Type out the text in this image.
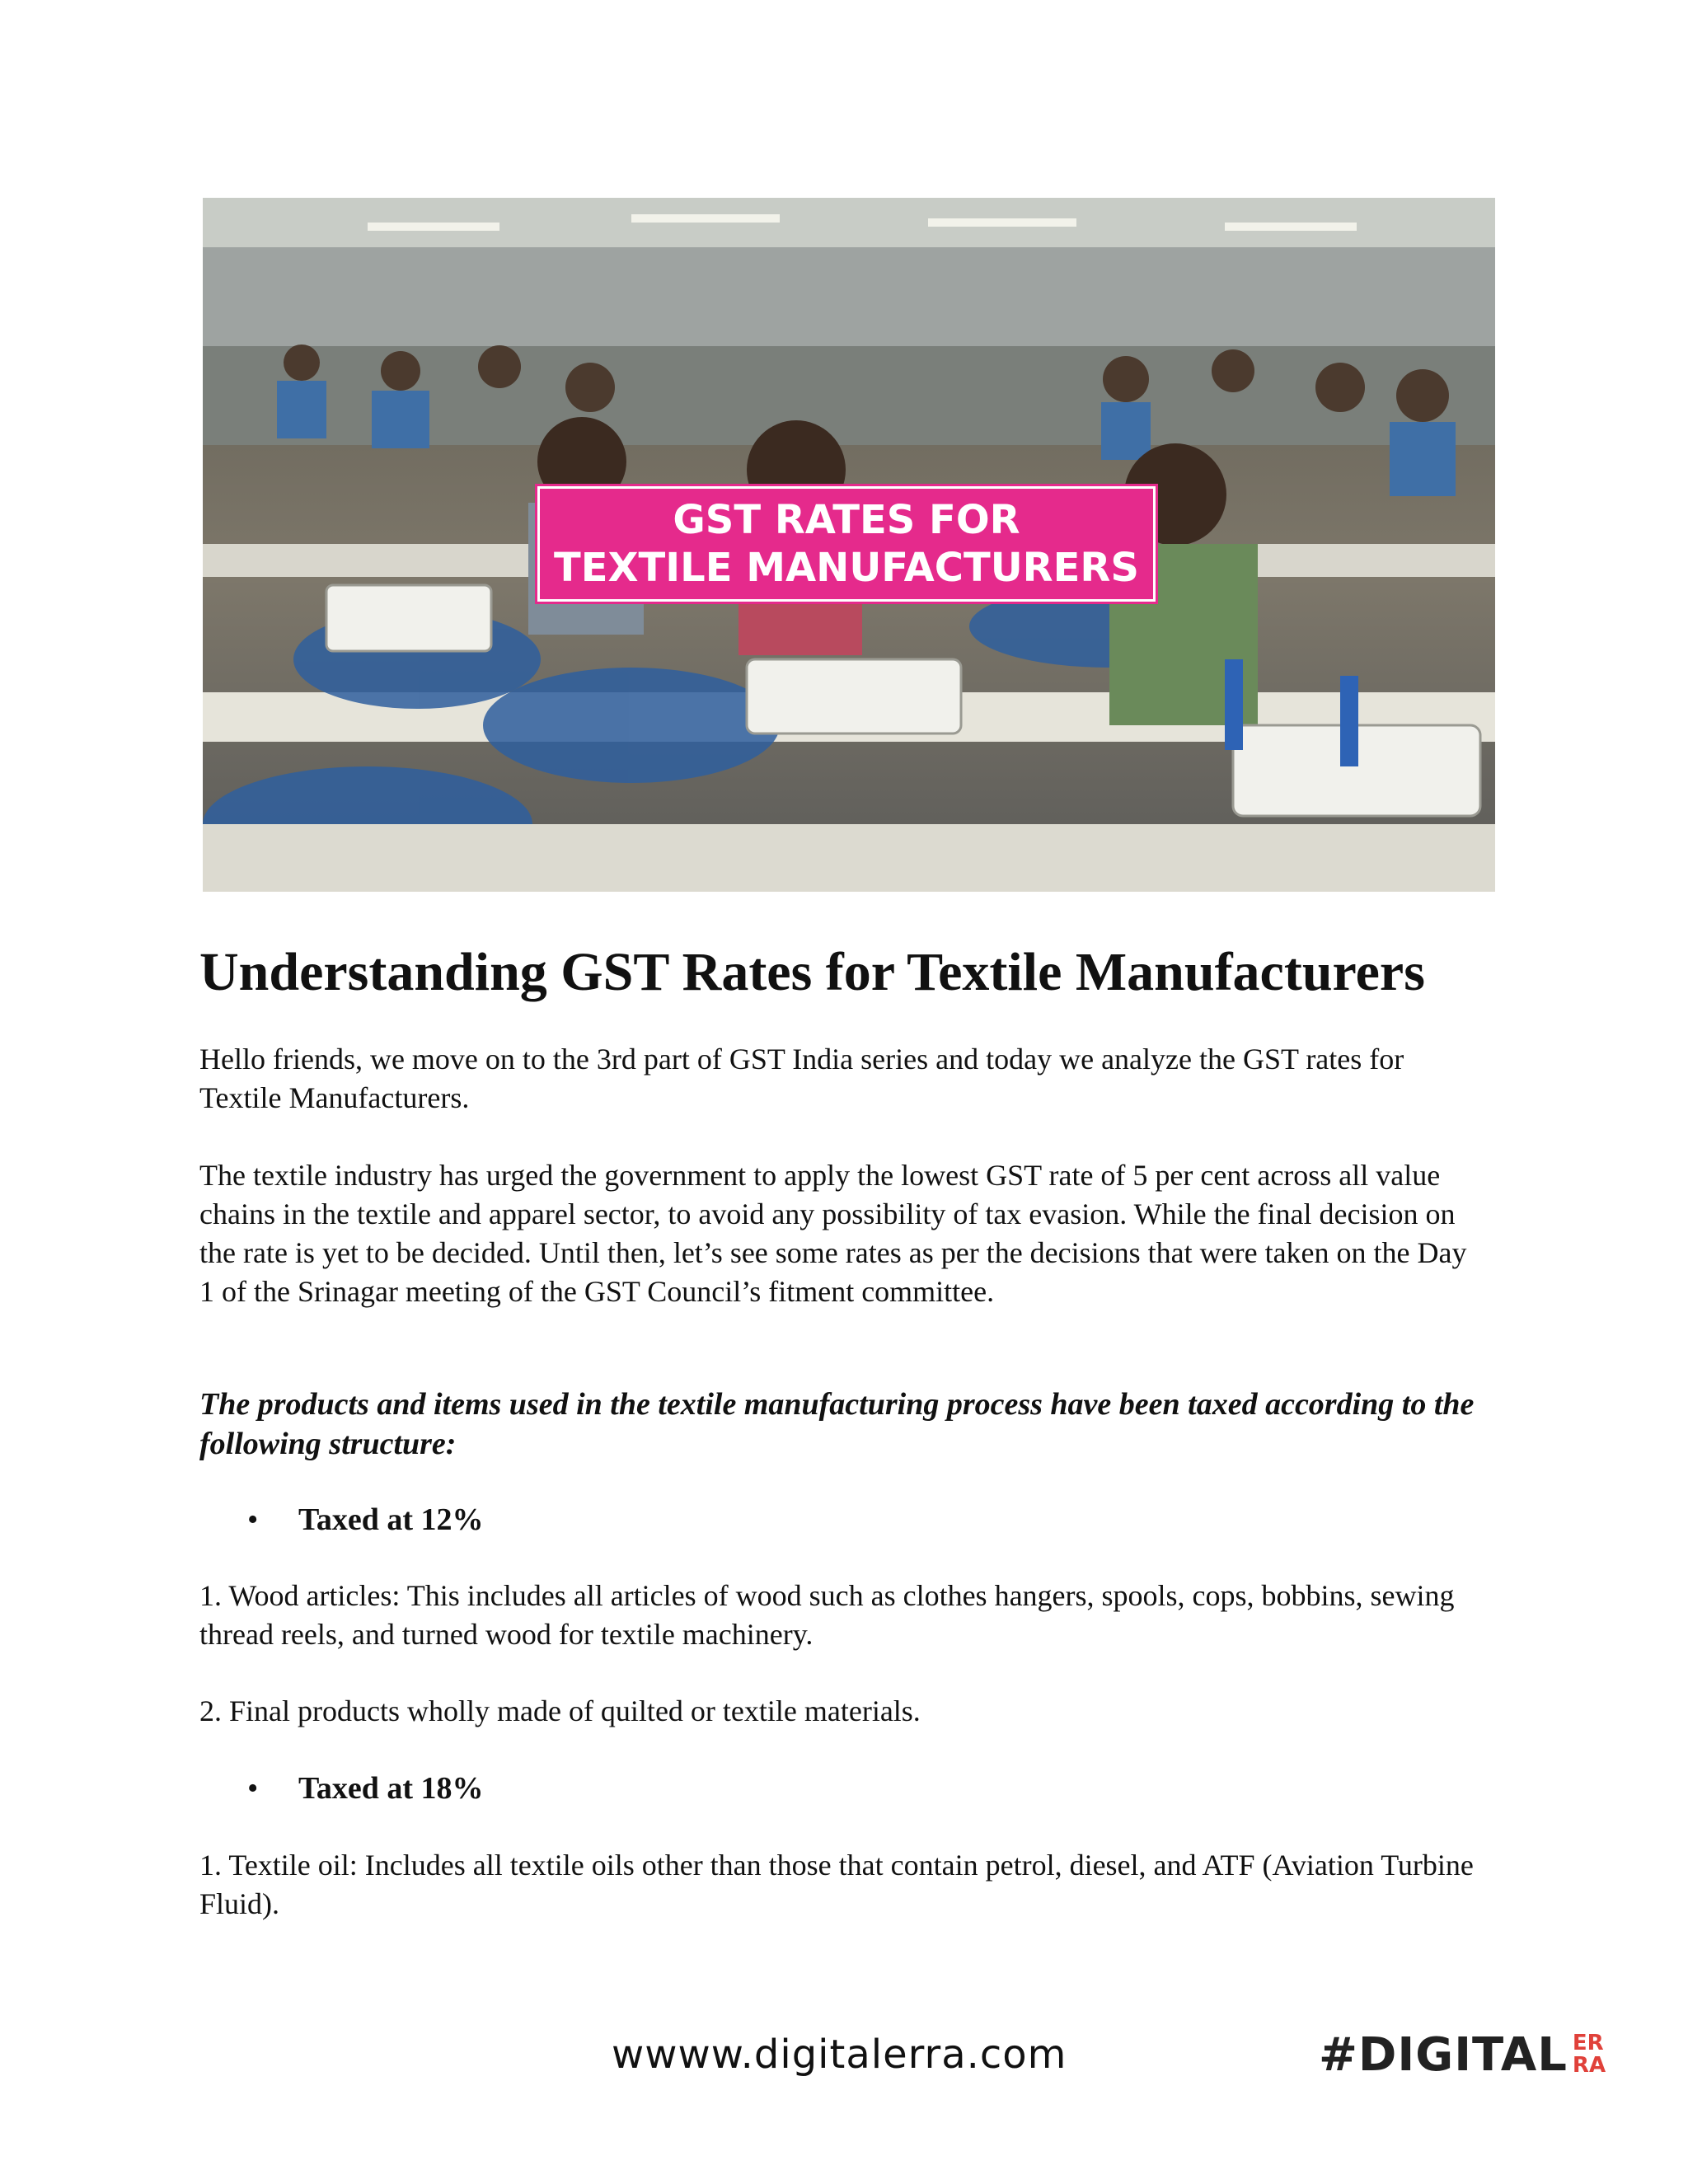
GST RATES FOR
TEXTILE MANUFACTURERS
Understanding GST Rates for Textile Manufacturers

Hello friends, we move on to the 3rd part of GST India series and today we analyze the GST rates for Textile Manufacturers.

The textile industry has urged the government to apply the lowest GST rate of 5 per cent across all value chains in the textile and apparel sector, to avoid any possibility of tax evasion. While the final decision on the rate is yet to be decided. Until then, let’s see some rates as per the decisions that were taken on the Day 1 of the Srinagar meeting of the GST Council’s fitment committee.

The products and items used in the textile manufacturing process have been taxed according to the following structure:

• Taxed at 12%

1. Wood articles: This includes all articles of wood such as clothes hangers, spools, cops, bobbins, sewing thread reels, and turned wood for textile machinery.

2. Final products wholly made of quilted or textile materials.

• Taxed at 18%

1. Textile oil: Includes all textile oils other than those that contain petrol, diesel, and ATF (Aviation Turbine Fluid).

wwww.digitalerra.com	#DIGITAL ER
RA
